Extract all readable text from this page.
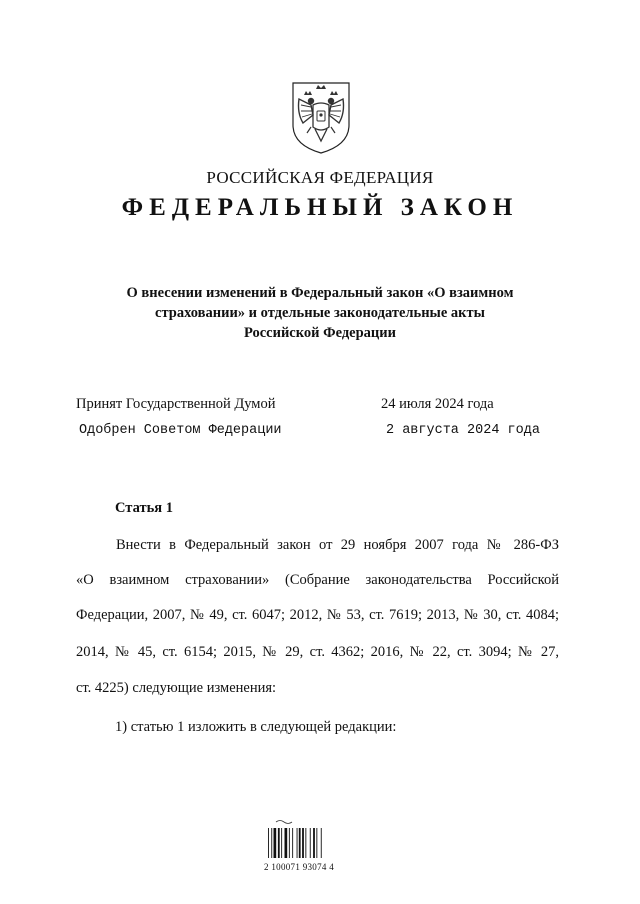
РОССИЙСКАЯ ФЕДЕРАЦИЯ
ФЕДЕРАЛЬНЫЙ ЗАКОН
О внесении изменений в Федеральный закон «О взаимном
страховании» и отдельные законодательные акты
Российской Федерации
Принят Государственной Думой	24 июля 2024 года
Одобрен Советом Федерации	2 августа 2024 года
Статья 1
Внести в Федеральный закон от 29 ноября 2007 года № 286-ФЗ
«О взаимном страховании» (Собрание законодательства Российской
Федерации, 2007, № 49, ст. 6047; 2012, № 53, ст. 7619; 2013, № 30, ст. 4084;
2014, № 45, ст. 6154; 2015, № 29, ст. 4362; 2016, № 22, ст. 3094; № 27,
ст. 4225) следующие изменения:
1) статью 1 изложить в следующей редакции:
2 100071 93074 4
